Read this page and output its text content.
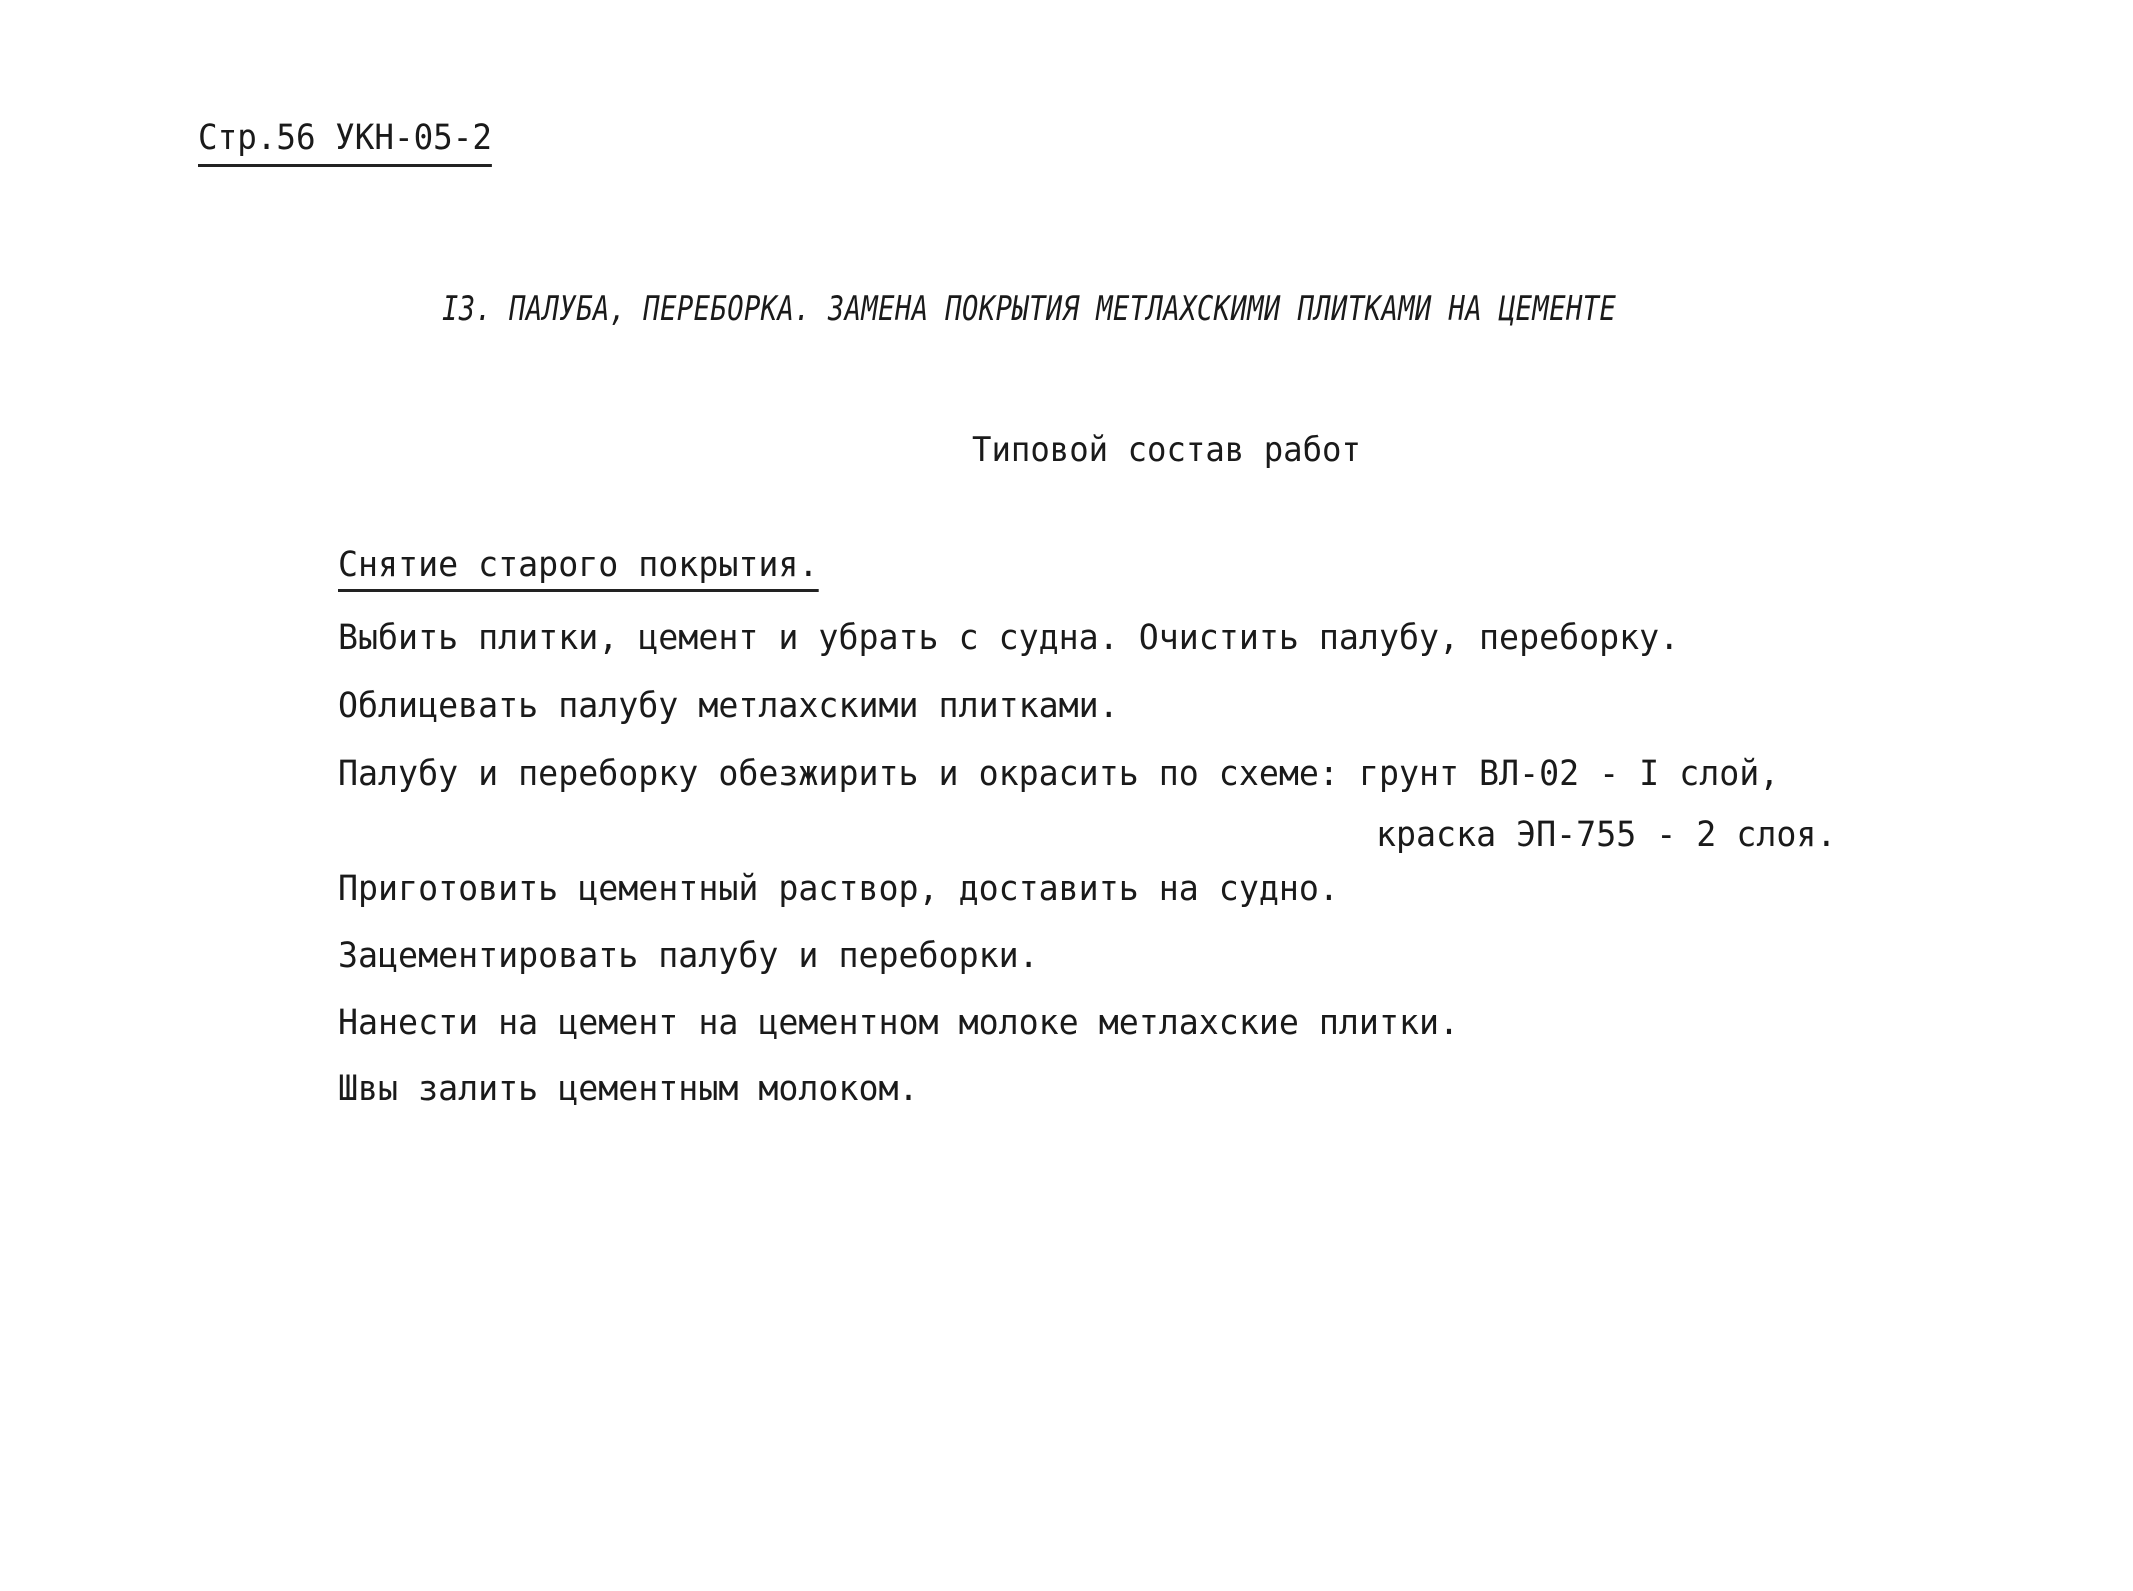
Стр.56 УКН-05-2
I3. ПАЛУБА, ПЕРЕБОРКА. ЗАМЕНА ПОКРЫТИЯ МЕТЛАХСКИМИ ПЛИТКАМИ НА ЦЕМЕНТЕ
Типовой состав работ
Снятие старого покрытия.
Выбить плитки, цемент и убрать с судна. Очистить палубу, переборку.
Облицевать палубу метлахскими плитками.
Палубу и переборку обезжирить и окрасить по схеме: грунт ВЛ-02 - I слой,
краска ЭП-755 - 2 слоя.
Приготовить цементный раствор, доставить на судно.
Зацементировать палубу и переборки.
Нанести на цемент на цементном молоке метлахские плитки.
Швы залить цементным молоком.
